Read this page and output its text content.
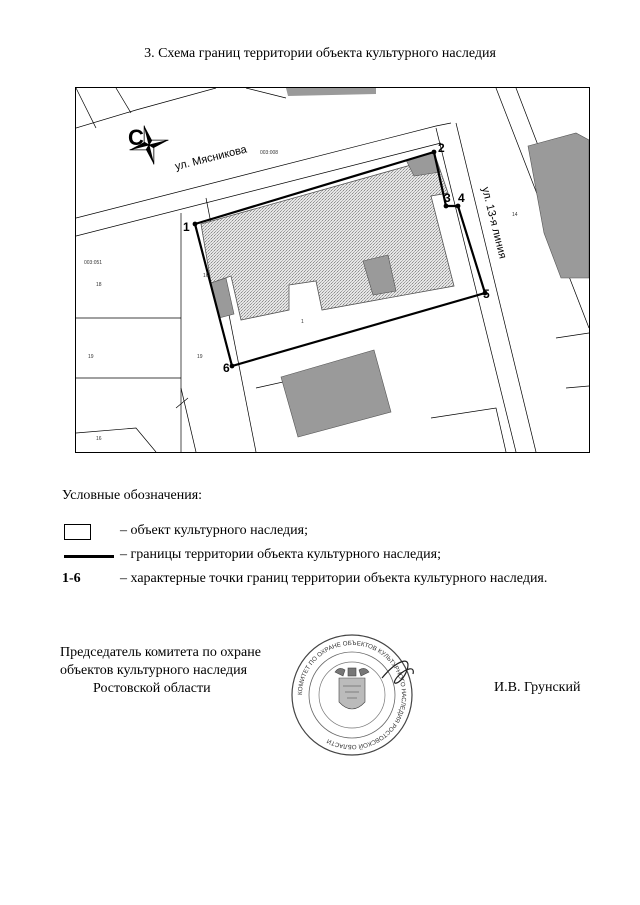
3. Схема границ территории объекта культурного наследия
1
2
3 4
5
6
003:008
003:051
18
19	19
16
16
1
14
ул. Мясникова
ул. 13-я линия
С
Условные обозначения:
– объект культурного наследия;
– границы территории объекта культурного наследия;
1-6	– характерные точки границ территории объекта культурного наследия.
Председатель комитета по охране
объектов культурного наследия
Ростовской области	КОМИТЕТ ПО ОХРАНЕ ОБЪЕКТОВ КУЛЬТУРНОГО НАСЛЕДИЯ РОСТОВСКОЙ ОБЛАСТИ
И.В. Грунский
